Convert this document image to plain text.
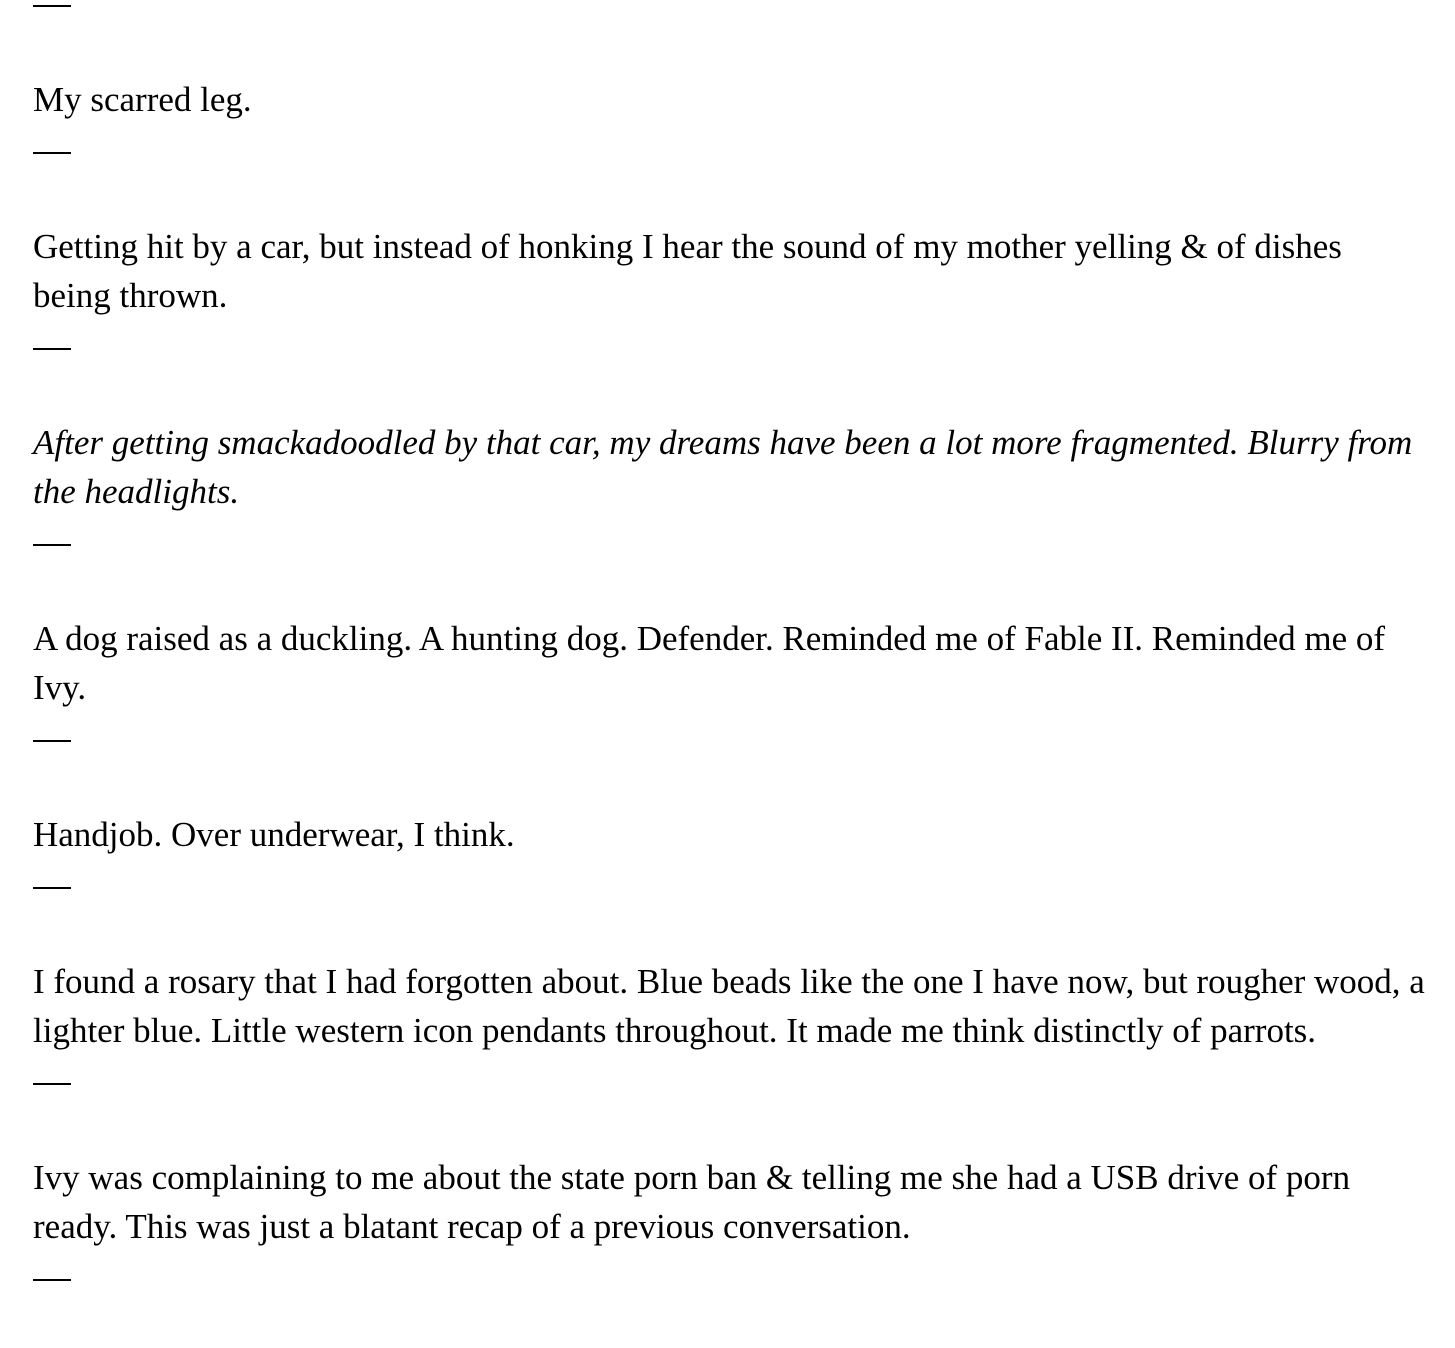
My scarred leg.

Getting hit by a car, but instead of honking I hear the sound of my mother yelling & of dishes being thrown.

After getting smackadoodled by that car, my dreams have been a lot more fragmented. Blurry from the headlights.

A dog raised as a duckling. A hunting dog. Defender. Reminded me of Fable II. Reminded me of Ivy.

Handjob. Over underwear, I think.

I found a rosary that I had forgotten about. Blue beads like the one I have now, but rougher wood, a lighter blue. Little western icon pendants throughout. It made me think distinctly of parrots.

Ivy was complaining to me about the state porn ban & telling me she had a USB drive of porn ready. This was just a blatant recap of a previous conversation.
